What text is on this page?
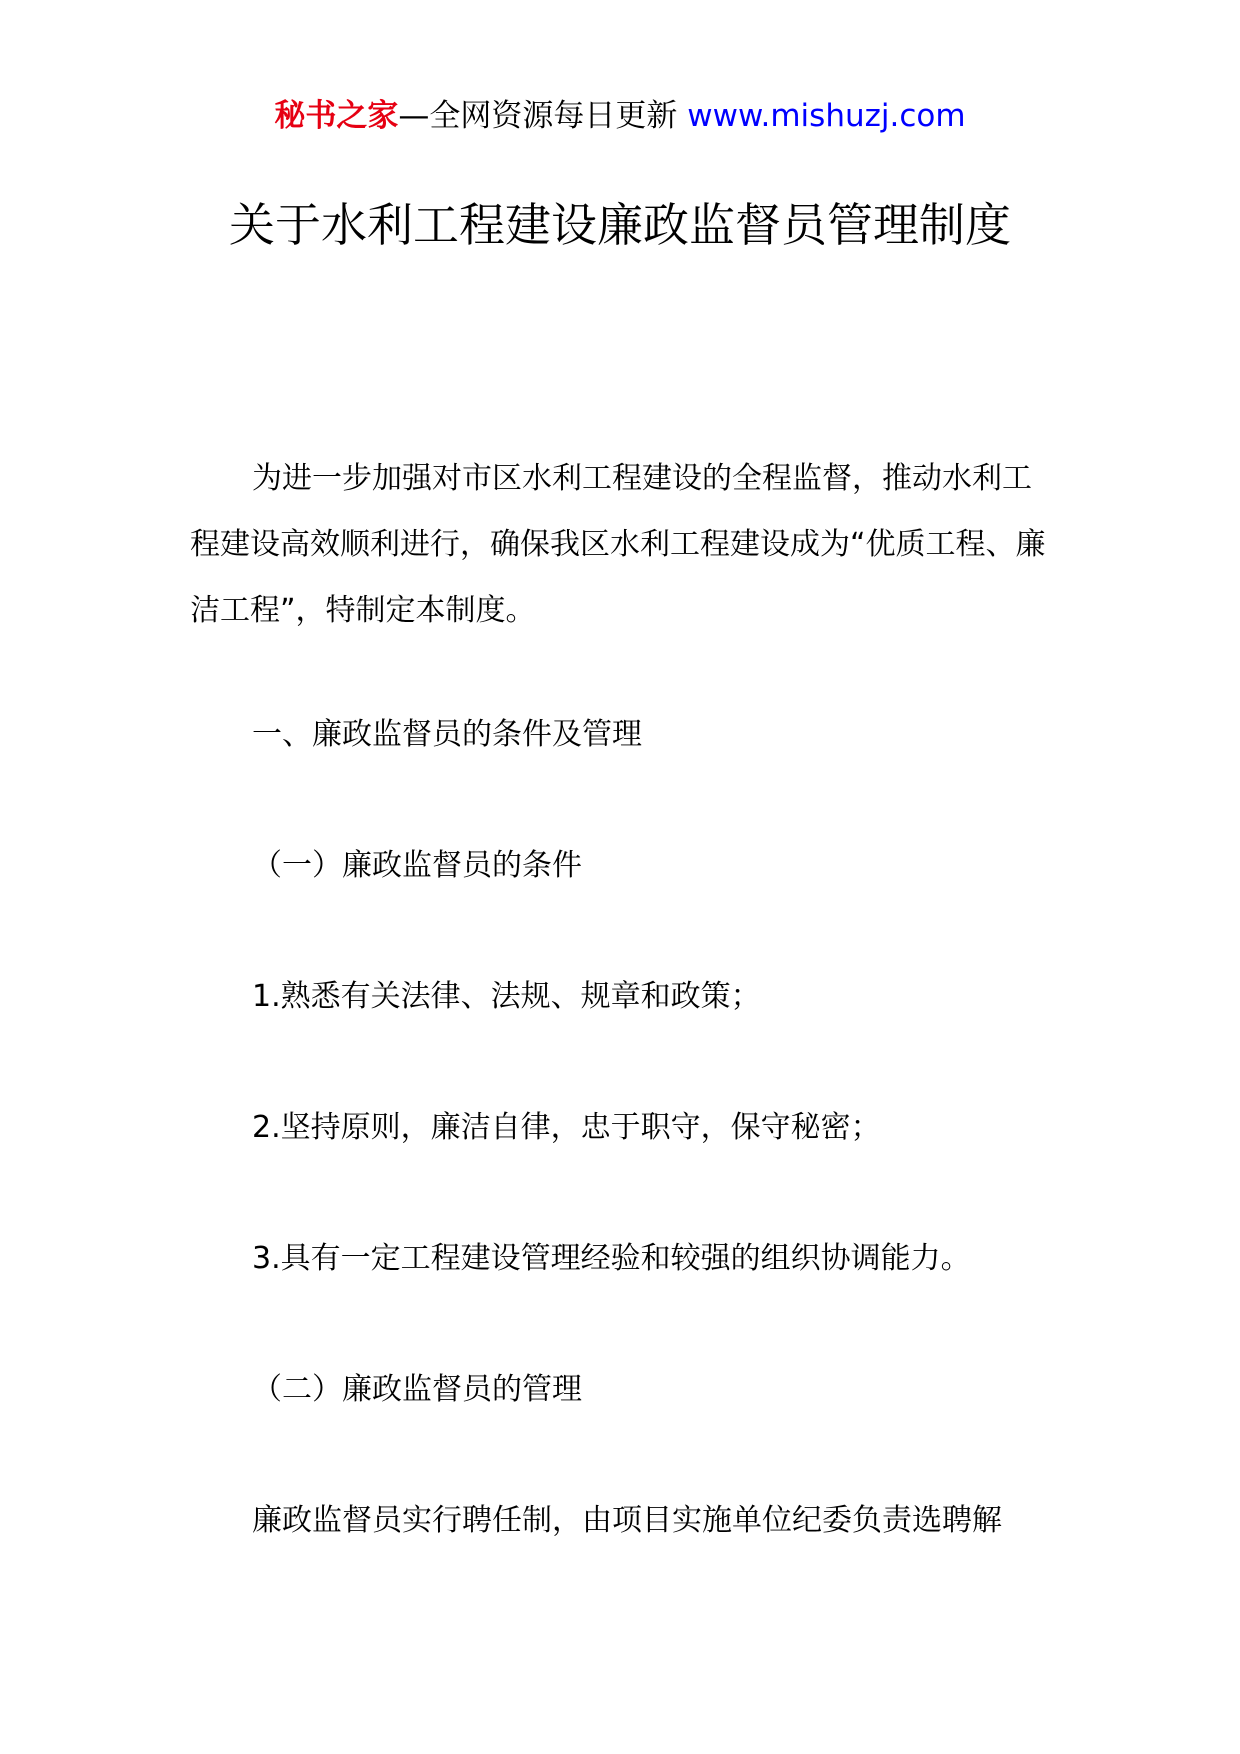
秘书之家—全网资源每日更新 www.mishuzj.com
关于水利工程建设廉政监督员管理制度
为进一步加强对市区水利工程建设的全程监督，推动水利工程建设高效顺利进行，确保我区水利工程建设成为“优质工程、廉洁工程”，特制定本制度。
一、廉政监督员的条件及管理
（一）廉政监督员的条件
1.熟悉有关法律、法规、规章和政策；
2.坚持原则，廉洁自律，忠于职守，保守秘密；
3.具有一定工程建设管理经验和较强的组织协调能力。
（二）廉政监督员的管理
廉政监督员实行聘任制，由项目实施单位纪委负责选聘解
